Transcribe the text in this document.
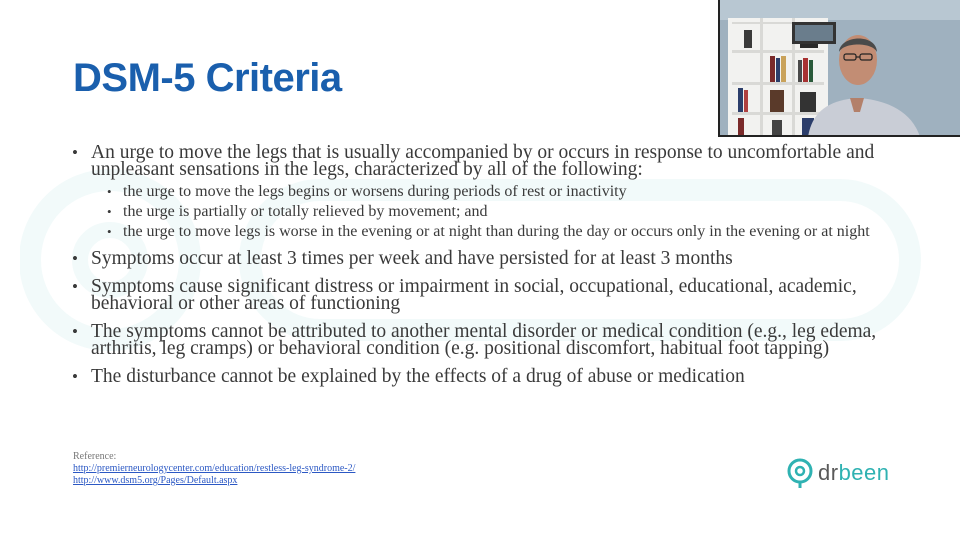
DSM-5 Criteria
• An urge to move the legs that is usually accompanied by or occurs in response to uncomfortable and unpleasant sensations in the legs, characterized by all of the following:
• the urge to move the legs begins or worsens during periods of rest or inactivity
• the urge is partially or totally relieved by movement; and
• the urge to move legs is worse in the evening or at night than during the day or occurs only in the evening or at night
• Symptoms occur at least 3 times per week and have persisted for at least 3 months
• Symptoms cause significant distress or impairment in social, occupational, educational, academic, behavioral or other areas of functioning
• The symptoms cannot be attributed to another mental disorder or medical condition (e.g., leg edema, arthritis, leg cramps) or behavioral condition (e.g. positional discomfort, habitual foot tapping)
• The disturbance cannot be explained by the effects of a drug of abuse or medication
Reference:
http://premierneurologycenter.com/education/restless-leg-syndrome-2/
http://www.dsm5.org/Pages/Default.aspx	drbeen
